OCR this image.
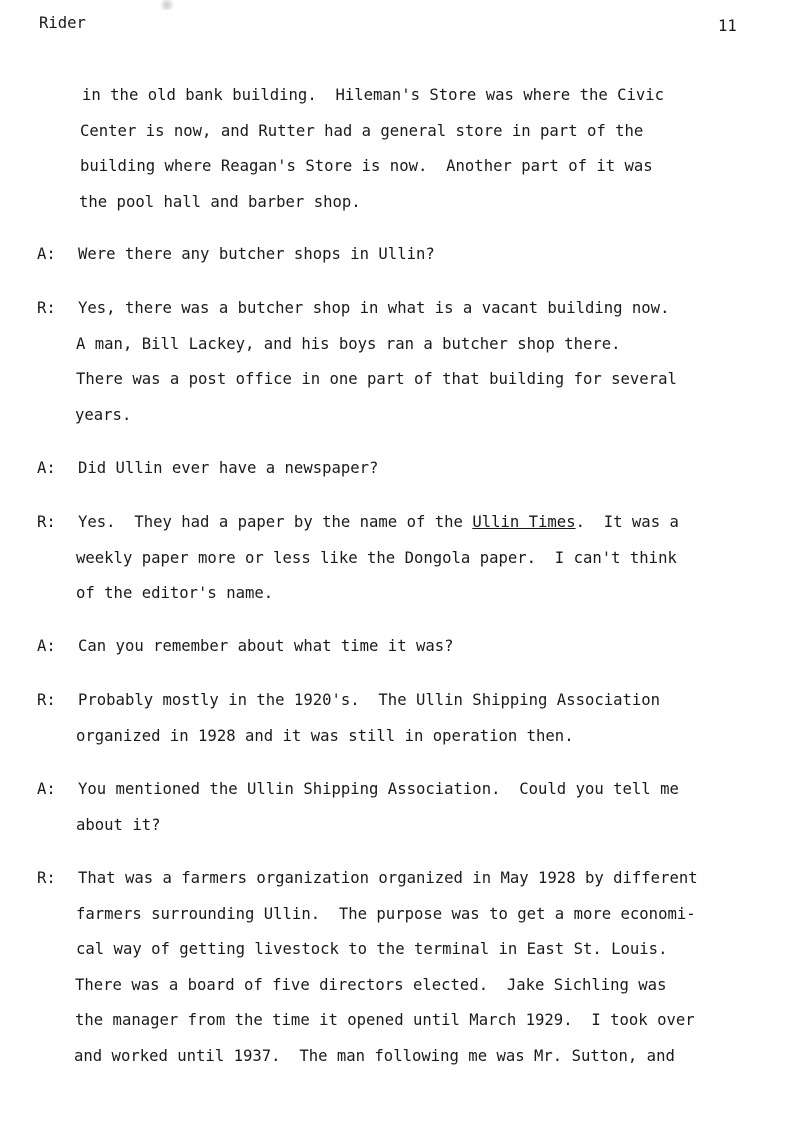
Rider	11
in the old bank building.  Hileman's Store was where the Civic
Center is now, and Rutter had a general store in part of the
building where Reagan's Store is now.  Another part of it was
the pool hall and barber shop.
A: Were there any butcher shops in Ullin?
R: Yes, there was a butcher shop in what is a vacant building now.
A man, Bill Lackey, and his boys ran a butcher shop there.
There was a post office in one part of that building for several
years.
A: Did Ullin ever have a newspaper?
R: Yes.  They had a paper by the name of the Ullin Times.  It was a
weekly paper more or less like the Dongola paper.  I can't think
of the editor's name.
A: Can you remember about what time it was?
R: Probably mostly in the 1920's.  The Ullin Shipping Association
organized in 1928 and it was still in operation then.
A: You mentioned the Ullin Shipping Association.  Could you tell me
about it?
R: That was a farmers organization organized in May 1928 by different
farmers surrounding Ullin.  The purpose was to get a more economi-
cal way of getting livestock to the terminal in East St. Louis.
There was a board of five directors elected.  Jake Sichling was
the manager from the time it opened until March 1929.  I took over
and worked until 1937.  The man following me was Mr. Sutton, and
